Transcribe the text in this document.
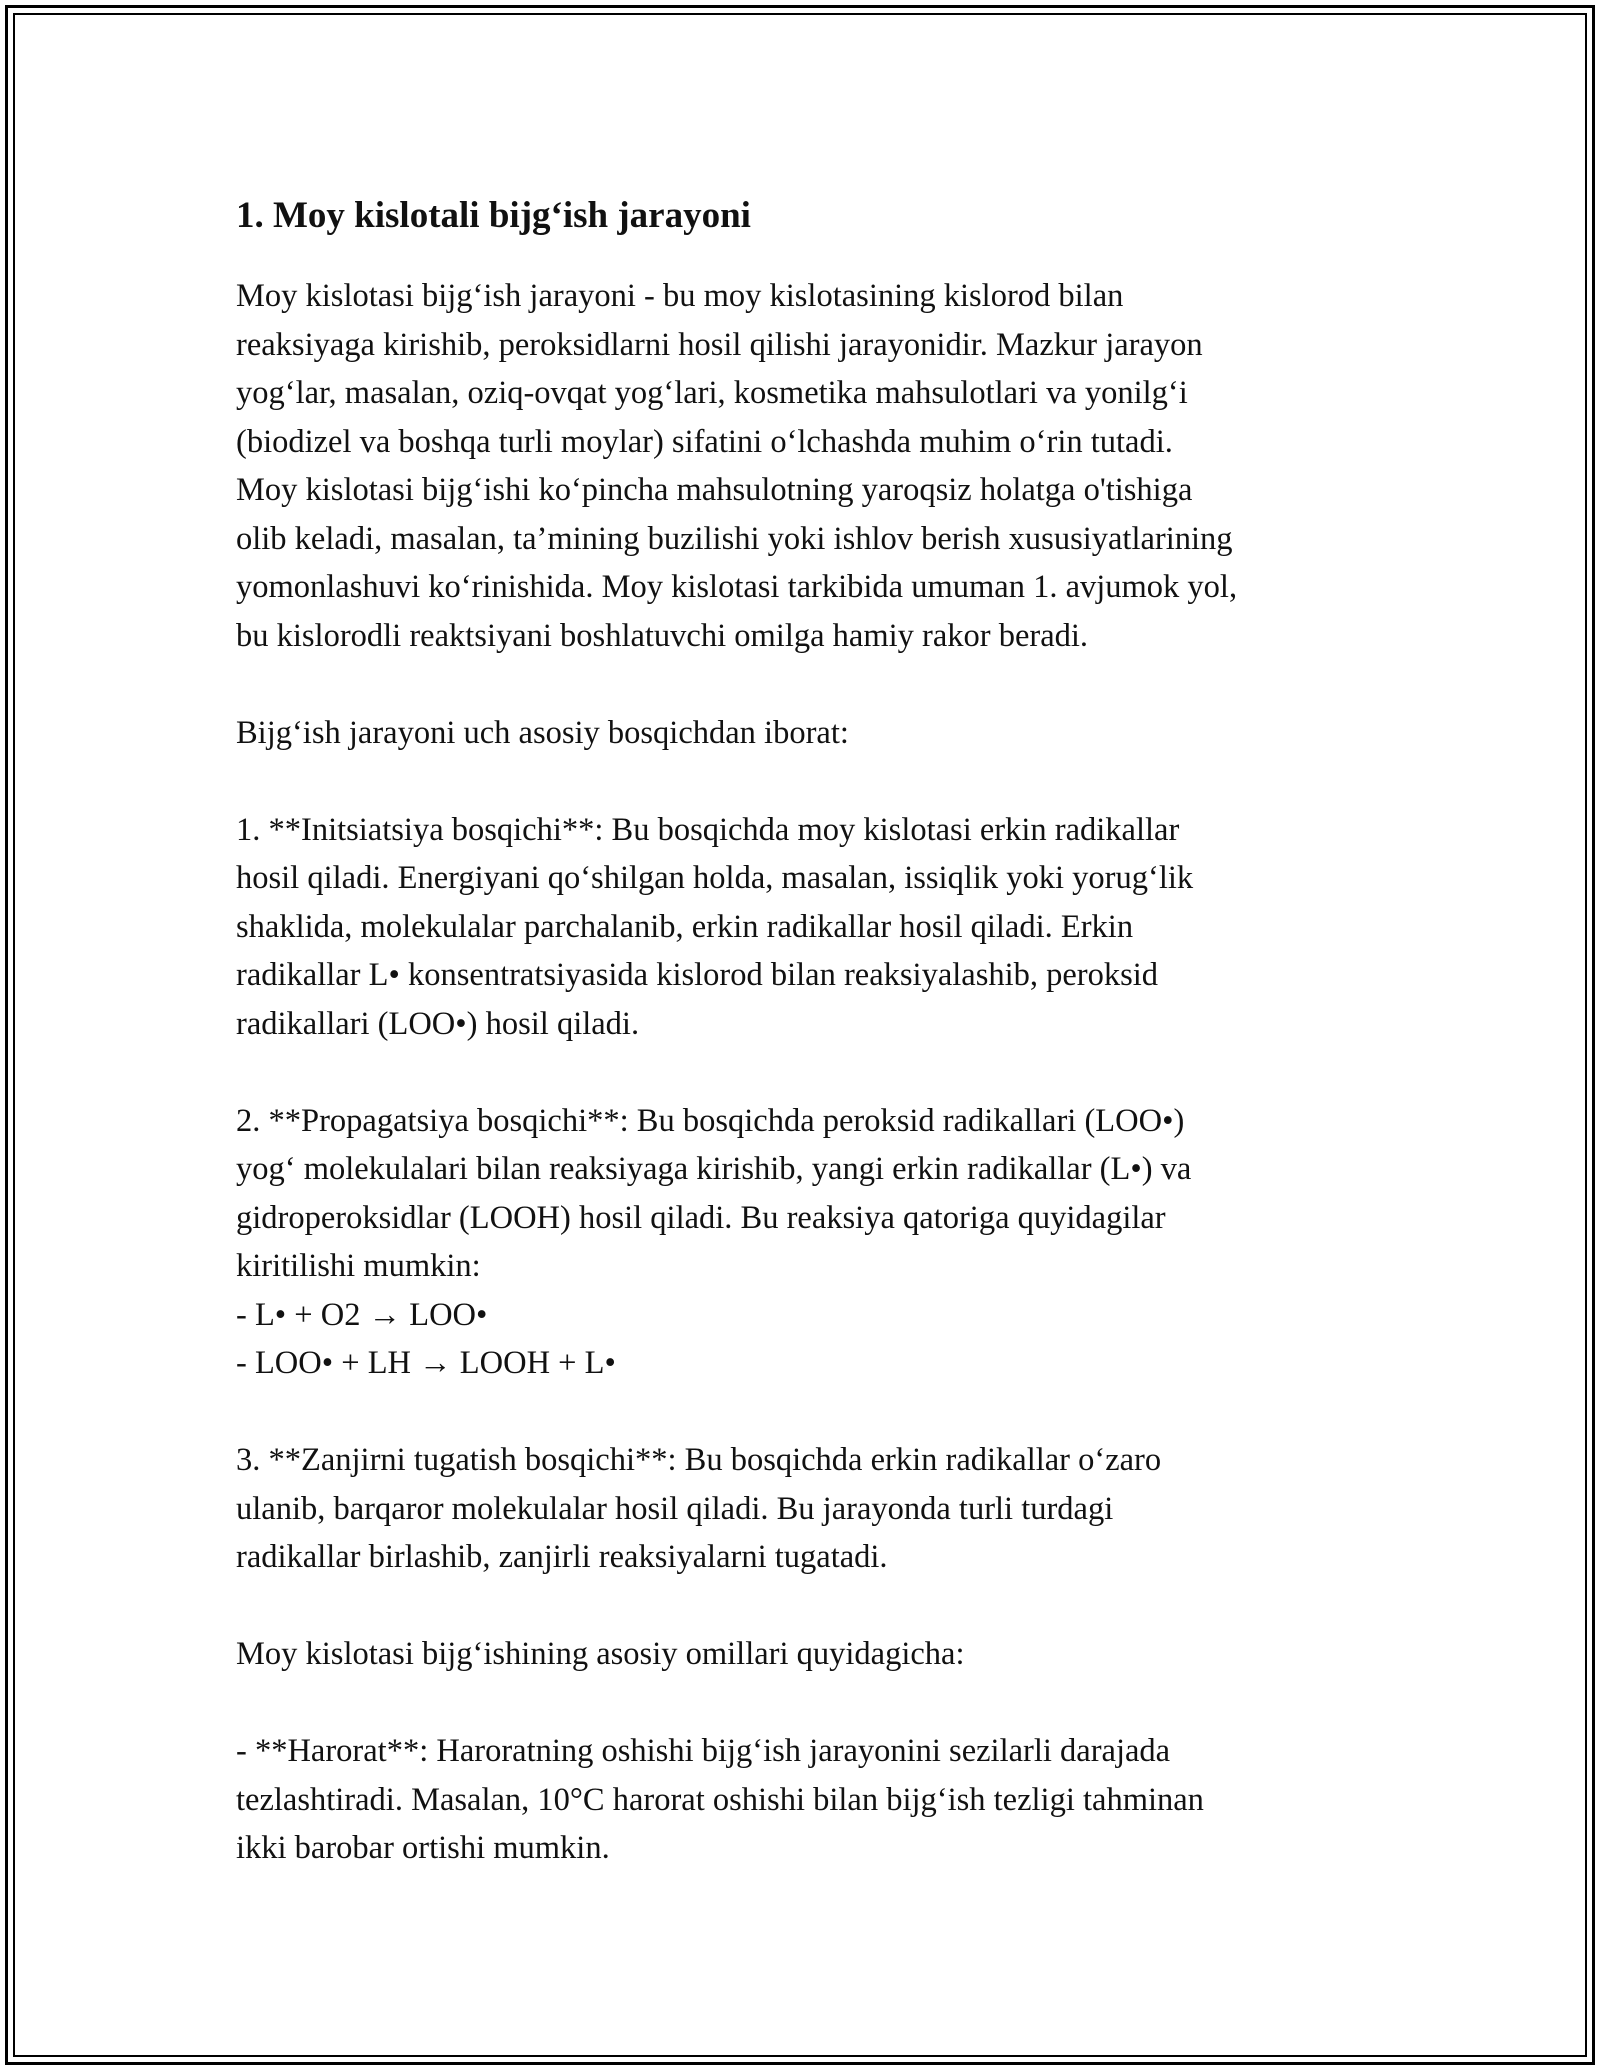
1. Moy kislotali bijg‘ish jarayoni

Moy kislotasi bijg‘ish jarayoni - bu moy kislotasining kislorod bilan
reaksiyaga kirishib, peroksidlarni hosil qilishi jarayonidir. Mazkur jarayon
yog‘lar, masalan, oziq-ovqat yog‘lari, kosmetika mahsulotlari va yonilg‘i
(biodizel va boshqa turli moylar) sifatini o‘lchashda muhim o‘rin tutadi.
Moy kislotasi bijg‘ishi ko‘pincha mahsulotning yaroqsiz holatga o'tishiga
olib keladi, masalan, ta’mining buzilishi yoki ishlov berish xususiyatlarining
yomonlashuvi ko‘rinishida. Moy kislotasi tarkibida umuman 1. avjumok yol,
bu kislorodli reaktsiyani boshlatuvchi omilga hamiy rakor beradi.

Bijg‘ish jarayoni uch asosiy bosqichdan iborat:

1. **Initsiatsiya bosqichi**: Bu bosqichda moy kislotasi erkin radikallar
hosil qiladi. Energiyani qo‘shilgan holda, masalan, issiqlik yoki yorug‘lik
shaklida, molekulalar parchalanib, erkin radikallar hosil qiladi. Erkin
radikallar L• konsentratsiyasida kislorod bilan reaksiyalashib, peroksid
radikallari (LOO•) hosil qiladi.

2. **Propagatsiya bosqichi**: Bu bosqichda peroksid radikallari (LOO•)
yog‘ molekulalari bilan reaksiyaga kirishib, yangi erkin radikallar (L•) va
gidroperoksidlar (LOOH) hosil qiladi. Bu reaksiya qatoriga quyidagilar
kiritilishi mumkin:
- L• + O2 → LOO•
- LOO• + LH → LOOH + L•

3. **Zanjirni tugatish bosqichi**: Bu bosqichda erkin radikallar o‘zaro
ulanib, barqaror molekulalar hosil qiladi. Bu jarayonda turli turdagi
radikallar birlashib, zanjirli reaksiyalarni tugatadi.

Moy kislotasi bijg‘ishining asosiy omillari quyidagicha:

- **Harorat**: Haroratning oshishi bijg‘ish jarayonini sezilarli darajada
tezlashtiradi. Masalan, 10°C harorat oshishi bilan bijg‘ish tezligi tahminan
ikki barobar ortishi mumkin.
